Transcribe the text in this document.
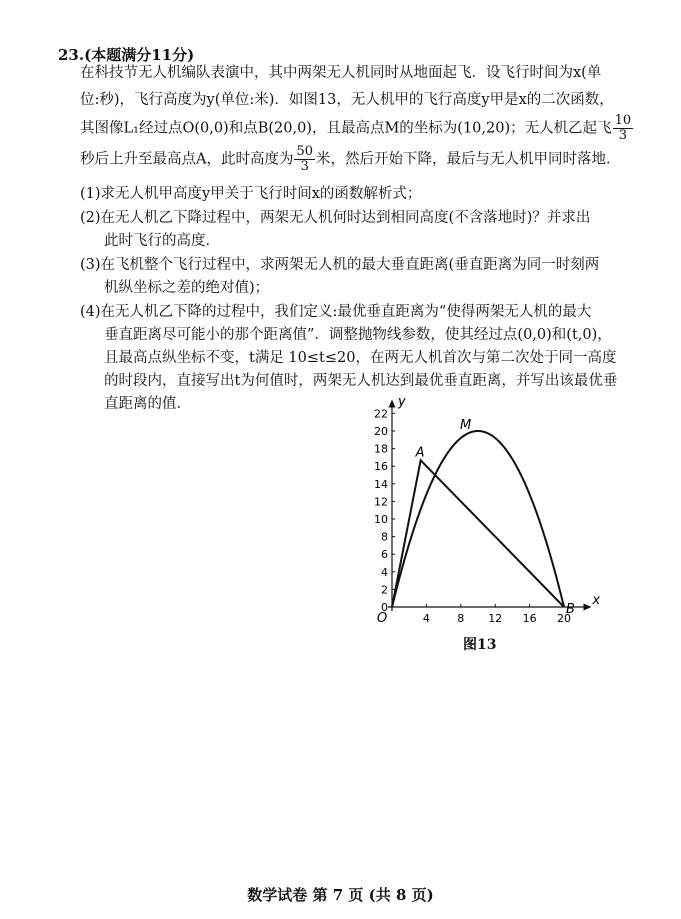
23.(本题满分11分)
在科技节无人机编队表演中，其中两架无人机同时从地面起飞．设飞行时间为x(单
位:秒)，飞行高度为y(单位:米)．如图13，无人机甲的飞行高度y甲是x的二次函数，
其图像L₁经过点O(0,0)和点B(20,0)，且最高点M的坐标为(10,20)；无人机乙起飞 $\frac{10}{3}$
秒后上升至最高点A，此时高度为 $\frac{50}{3}$ 米，然后开始下降，最后与无人机甲同时落地．
(1)求无人机甲高度y甲关于飞行时间x的函数解析式；
(2)在无人机乙下降过程中，两架无人机何时达到相同高度(不含落地时)？并求出
此时飞行的高度．
(3)在飞机整个飞行过程中，求两架无人机的最大垂直距离(垂直距离为同一时刻两
机纵坐标之差的绝对值)；
(4)在无人机乙下降的过程中，我们定义:最优垂直距离为“使得两架无人机的最大
垂直距离尽可能小的那个距离值”．调整抛物线参数，使其经过点(0,0)和(t,0)，
且最高点纵坐标不变，t满足 10≤t≤20，在两无人机首次与第二次处于同一高度
的时段内，直接写出t为何值时，两架无人机达到最优垂直距离，并写出该最优垂
直距离的值．
x
y
O
22
20
18
16
14
12
10
8
6
4
2
0
4 8 12 16 20
A
M
B
图13
数学试卷 第 7 页 (共 8 页)
